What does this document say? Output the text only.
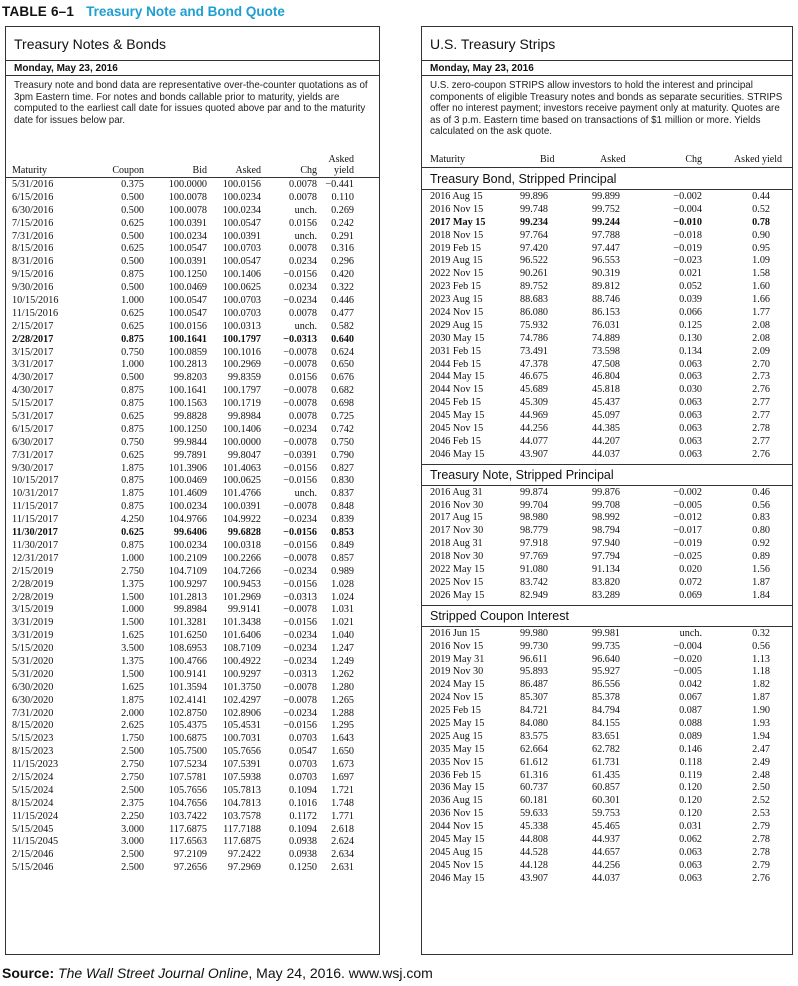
TABLE 6–1 Treasury Note and Bond Quote
Treasury Notes & Bonds
Monday, May 23, 2016
Treasury note and bond data are representative over-the-counter quotations as of 3pm Eastern time. For notes and bonds callable prior to maturity, yields are computed to the earliest call date for issues quoted above par and to the maturity date for issues below par.
Maturity	Coupon	Bid	Asked	Chg
Asked
yield
5/31/2016	0.375 100.0000 100.0156	0.0078 −0.441
6/15/2016	0.500 100.0078 100.0234	0.0078 0.110
6/30/2016	0.500 100.0078 100.0234	unch. 0.269
7/15/2016	0.625 100.0391 100.0547	0.0156 0.242
7/31/2016	0.500 100.0234 100.0391	unch. 0.291
8/15/2016	0.625 100.0547 100.0703	0.0078 0.316
8/31/2016	0.500 100.0391 100.0547	0.0234 0.296
9/15/2016	0.875 100.1250 100.1406 −0.0156 0.420
9/30/2016	0.500 100.0469 100.0625	0.0234 0.322
10/15/2016	1.000 100.0547 100.0703 −0.0234 0.446
11/15/2016	0.625 100.0547 100.0703	0.0078 0.477
2/15/2017	0.625 100.0156 100.0313	unch. 0.582
2/28/2017	0.875 100.1641 100.1797 −0.0313 0.640
3/15/2017	0.750 100.0859 100.1016 −0.0078 0.624
3/31/2017	1.000 100.2813 100.2969 −0.0078 0.650
4/30/2017	0.500	99.8203 99.8359	0.0156 0.676
4/30/2017	0.875 100.1641 100.1797 −0.0078 0.682
5/15/2017	0.875 100.1563 100.1719 −0.0078 0.698
5/31/2017	0.625	99.8828 99.8984	0.0078 0.725
6/15/2017	0.875 100.1250 100.1406 −0.0234 0.742
6/30/2017	0.750	99.9844 100.0000 −0.0078 0.750
7/31/2017	0.625	99.7891 99.8047 −0.0391 0.790
9/30/2017	1.875 101.3906 101.4063 −0.0156 0.827
10/15/2017	0.875 100.0469 100.0625 −0.0156 0.830
10/31/2017	1.875 101.4609 101.4766	unch. 0.837
11/15/2017	0.875 100.0234 100.0391 −0.0078 0.848
11/15/2017	4.250 104.9766 104.9922 −0.0234 0.839
11/30/2017	0.625	99.6406 99.6828 −0.0156 0.853
11/30/2017	0.875 100.0234 100.0318 −0.0156 0.849
12/31/2017	1.000 100.2109 100.2266 −0.0078 0.857
2/15/2019	2.750 104.7109 104.7266 −0.0234 0.989
2/28/2019	1.375 100.9297 100.9453 −0.0156 1.028
2/28/2019	1.500 101.2813 101.2969 −0.0313 1.024
3/15/2019	1.000	99.8984 99.9141 −0.0078 1.031
3/31/2019	1.500 101.3281 101.3438 −0.0156 1.021
3/31/2019	1.625 101.6250 101.6406 −0.0234 1.040
5/15/2020	3.500 108.6953 108.7109 −0.0234 1.247
5/31/2020	1.375 100.4766 100.4922 −0.0234 1.249
5/31/2020	1.500 100.9141 100.9297 −0.0313 1.262
6/30/2020	1.625 101.3594 101.3750 −0.0078 1.280
6/30/2020	1.875 102.4141 102.4297 −0.0078 1.265
7/31/2020	2.000 102.8750 102.8906 −0.0234 1.288
8/15/2020	2.625 105.4375 105.4531 −0.0156 1.295
5/15/2023	1.750 100.6875 100.7031	0.0703 1.643
8/15/2023	2.500 105.7500 105.7656	0.0547 1.650
11/15/2023	2.750 107.5234 107.5391	0.0703 1.673
2/15/2024	2.750 107.5781 107.5938	0.0703 1.697
5/15/2024	2.500 105.7656 105.7813	0.1094 1.721
8/15/2024	2.375 104.7656 104.7813	0.1016 1.748
11/15/2024	2.250 103.7422 103.7578	0.1172 1.771
5/15/2045	3.000 117.6875 117.7188	0.1094 2.618
11/15/2045	3.000 117.6563 117.6875	0.0938 2.624
2/15/2046	2.500	97.2109 97.2422	0.0938 2.634
5/15/2046	2.500	97.2656 97.2969	0.1250 2.631
U.S. Treasury Strips
Monday, May 23, 2016
U.S. zero-coupon STRIPS allow investors to hold the interest and principal components of eligible Treasury notes and bonds as separate securities. STRIPS offer no interest payment; investors receive payment only at maturity. Quotes are as of 3 p.m. Eastern time based on transactions of $1 million or more. Yields calculated on the ask quote.
Maturity	Bid	Asked	Chg	Asked yield
Treasury Bond, Stripped Principal
2016 Aug 15	99.896	99.899	−0.002	0.44
2016 Nov 15	99.748	99.752	−0.004	0.52
2017 May 15	99.234	99.244	−0.010	0.78
2018 Nov 15	97.764	97.788	−0.018	0.90
2019 Feb 15	97.420	97.447	−0.019	0.95
2019 Aug 15	96.522	96.553	−0.023	1.09
2022 Nov 15	90.261	90.319	0.021	1.58
2023 Feb 15	89.752	89.812	0.052	1.60
2023 Aug 15	88.683	88.746	0.039	1.66
2024 Nov 15	86.080	86.153	0.066	1.77
2029 Aug 15	75.932	76.031	0.125	2.08
2030 May 15	74.786	74.889	0.130	2.08
2031 Feb 15	73.491	73.598	0.134	2.09
2044 Feb 15	47.378	47.508	0.063	2.70
2044 May 15	46.675	46.804	0.063	2.73
2044 Nov 15	45.689	45.818	0.030	2.76
2045 Feb 15	45.309	45.437	0.063	2.77
2045 May 15	44.969	45.097	0.063	2.77
2045 Nov 15	44.256	44.385	0.063	2.78
2046 Feb 15	44.077	44.207	0.063	2.77
2046 May 15	43.907	44.037	0.063	2.76
Treasury Note, Stripped Principal
2016 Aug 31	99.874	99.876	−0.002	0.46
2016 Nov 30	99.704	99.708	−0.005	0.56
2017 Aug 15	98.980	98.992	−0.012	0.83
2017 Nov 30	98.779	98.794	−0.017	0.80
2018 Aug 31	97.918	97.940	−0.019	0.92
2018 Nov 30	97.769	97.794	−0.025	0.89
2022 May 15	91.080	91.134	0.020	1.56
2025 Nov 15	83.742	83.820	0.072	1.87
2026 May 15	82.949	83.289	0.069	1.84
Stripped Coupon Interest
2016 Jun 15	99.980	99.981	unch.	0.32
2016 Nov 15	99.730	99.735	−0.004	0.56
2019 May 31	96.611	96.640	−0.020	1.13
2019 Nov 30	95.893	95.927	−0.005	1.18
2024 May 15	86.487	86.556	0.042	1.82
2024 Nov 15	85.307	85.378	0.067	1.87
2025 Feb 15	84.721	84.794	0.087	1.90
2025 May 15	84.080	84.155	0.088	1.93
2025 Aug 15	83.575	83.651	0.089	1.94
2035 May 15	62.664	62.782	0.146	2.47
2035 Nov 15	61.612	61.731	0.118	2.49
2036 Feb 15	61.316	61.435	0.119	2.48
2036 May 15	60.737	60.857	0.120	2.50
2036 Aug 15	60.181	60.301	0.120	2.52
2036 Nov 15	59.633	59.753	0.120	2.53
2044 Nov 15	45.338	45.465	0.031	2.79
2045 May 15	44.808	44.937	0.062	2.78
2045 Aug 15	44.528	44.657	0.063	2.78
2045 Nov 15	44.128	44.256	0.063	2.79
2046 May 15	43.907	44.037	0.063	2.76
Source: The Wall Street Journal Online, May 24, 2016. www.wsj.com
